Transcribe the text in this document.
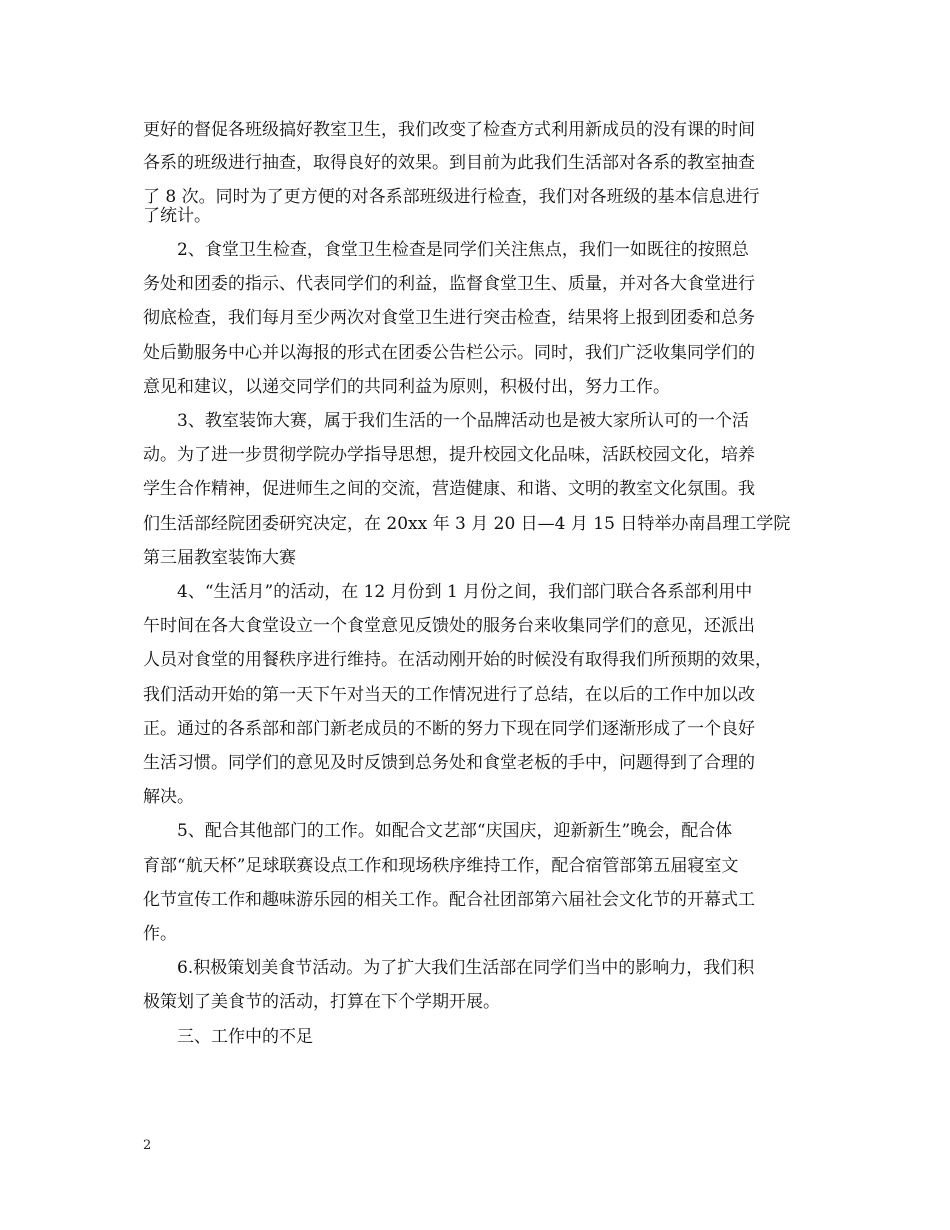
更好的督促各班级搞好教室卫生，我们改变了检查方式利用新成员的没有课的时间
各系的班级进行抽查，取得良好的效果。到目前为此我们生活部对各系的教室抽查
了 8 次。同时为了更方便的对各系部班级进行检查，我们对各班级的基本信息进行
了统计。
2、食堂卫生检查，食堂卫生检查是同学们关注焦点，我们一如既往的按照总
务处和团委的指示、代表同学们的利益，监督食堂卫生、质量，并对各大食堂进行
彻底检查，我们每月至少两次对食堂卫生进行突击检查，结果将上报到团委和总务
处后勤服务中心并以海报的形式在团委公告栏公示。同时，我们广泛收集同学们的
意见和建议，以递交同学们的共同利益为原则，积极付出，努力工作。
3、教室装饰大赛，属于我们生活的一个品牌活动也是被大家所认可的一个活
动。为了进一步贯彻学院办学指导思想，提升校园文化品味，活跃校园文化，培养
学生合作精神，促进师生之间的交流，营造健康、和谐、文明的教室文化氛围。我
们生活部经院团委研究决定，在 20xx 年 3 月 20 日—4 月 15 日特举办南昌理工学院
第三届教室装饰大赛
4、“生活月”的活动，在 12 月份到 1 月份之间，我们部门联合各系部利用中
午时间在各大食堂设立一个食堂意见反馈处的服务台来收集同学们的意见，还派出
人员对食堂的用餐秩序进行维持。在活动刚开始的时候没有取得我们所预期的效果，
我们活动开始的第一天下午对当天的工作情况进行了总结，在以后的工作中加以改
正。通过的各系部和部门新老成员的不断的努力下现在同学们逐渐形成了一个良好
生活习惯。同学们的意见及时反馈到总务处和食堂老板的手中，问题得到了合理的
解决。
5、配合其他部门的工作。如配合文艺部“庆国庆，迎新新生”晚会，配合体
育部“航天杯”足球联赛设点工作和现场秩序维持工作，配合宿管部第五届寝室文
化节宣传工作和趣味游乐园的相关工作。配合社团部第六届社会文化节的开幕式工
作。
6.积极策划美食节活动。为了扩大我们生活部在同学们当中的影响力，我们积
极策划了美食节的活动，打算在下个学期开展。
三、工作中的不足
2
